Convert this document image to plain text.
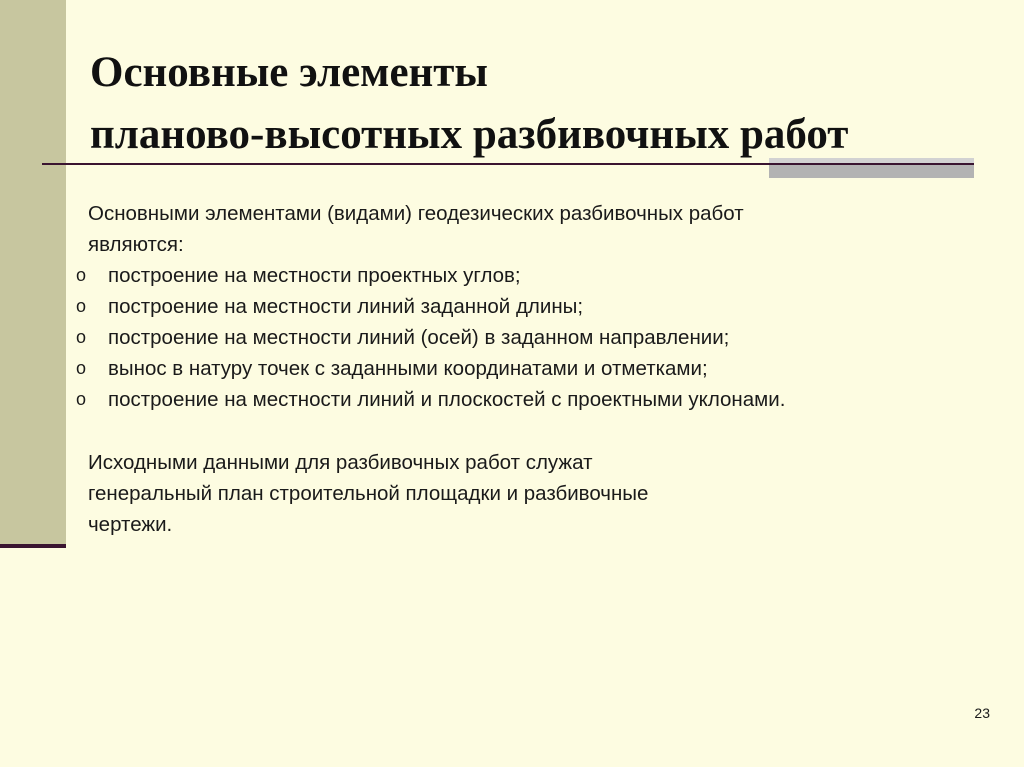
Основные элементы
планово-высотных разбивочных работ
Основными элементами (видами) геодезических разбивочных работ
являются:
o построение на местности проектных углов;
o построение на местности линий заданной длины;
o построение на местности линий (осей) в заданном направлении;
o вынос в натуру точек с заданными координатами и отметками;
o построение на местности линий и плоскостей с проектными уклонами.
Исходными данными для разбивочных работ служат
генеральный план строительной площадки и разбивочные
чертежи.
23
